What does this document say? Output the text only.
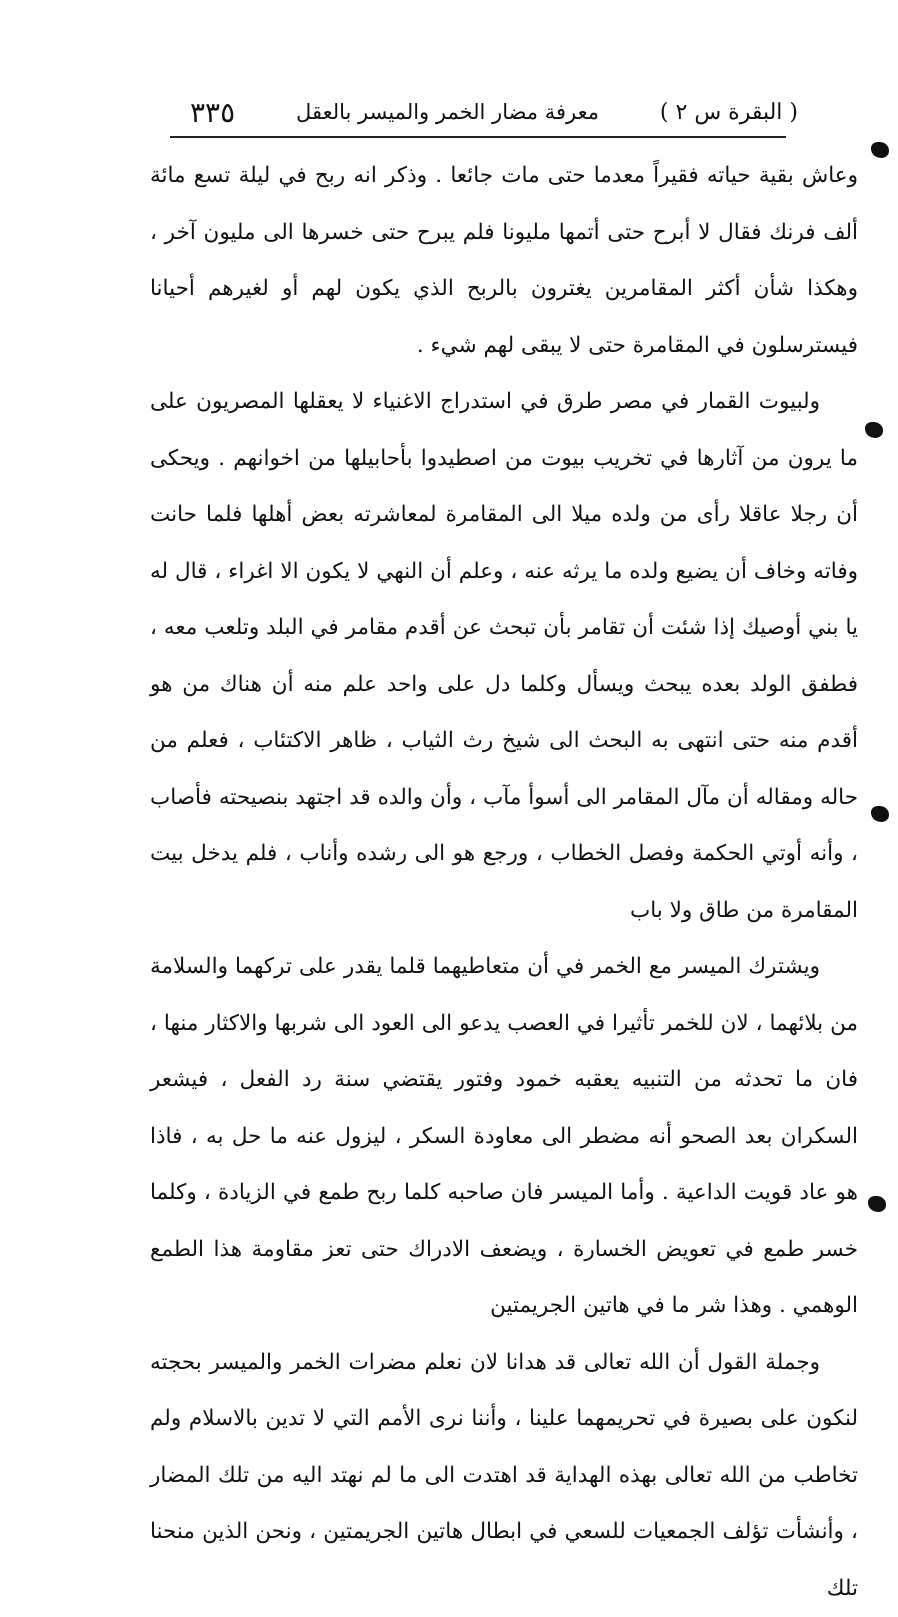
( البقرة س ٢ )
معرفة مضار الخمر والميسر بالعقل
٣٣٥

وعاش بقية حياته فقيراً معدما حتى مات جائعا . وذكر انه ربح في ليلة تسع مائة ألف فرنك فقال لا أبرح حتى أتمها مليونا فلم يبرح حتى خسرها الى مليون آخر ، وهكذا شأن أكثر المقامرين يغترون بالربح الذي يكون لهم أو لغيرهم أحيانا فيسترسلون في المقامرة حتى لا يبقى لهم شيء .

ولبيوت القمار في مصر طرق في استدراج الاغنياء لا يعقلها المصريون على ما يرون من آثارها في تخريب بيوت من اصطيدوا بأحابيلها من اخوانهم . ويحكى أن رجلا عاقلا رأى من ولده ميلا الى المقامرة لمعاشرته بعض أهلها فلما حانت وفاته وخاف أن يضيع ولده ما يرثه عنه ، وعلم أن النهي لا يكون الا اغراء ، قال له يا بني أوصيك إذا شئت أن تقامر بأن تبحث عن أقدم مقامر في البلد وتلعب معه ، فطفق الولد بعده يبحث ويسأل وكلما دل على واحد علم منه أن هناك من هو أقدم منه حتى انتهى به البحث الى شيخ رث الثياب ، ظاهر الاكتئاب ، فعلم من حاله ومقاله أن مآل المقامر الى أسوأ مآب ، وأن والده قد اجتهد بنصيحته فأصاب ، وأنه أوتي الحكمة وفصل الخطاب ، ورجع هو الى رشده وأناب ، فلم يدخل بيت المقامرة من طاق ولا باب

ويشترك الميسر مع الخمر في أن متعاطيهما قلما يقدر على تركهما والسلامة من بلائهما ، لان للخمر تأثيرا في العصب يدعو الى العود الى شربها والاكثار منها ، فان ما تحدثه من التنبيه يعقبه خمود وفتور يقتضي سنة رد الفعل ، فيشعر السكران بعد الصحو أنه مضطر الى معاودة السكر ، ليزول عنه ما حل به ، فاذا هو عاد قويت الداعية . وأما الميسر فان صاحبه كلما ربح طمع في الزيادة ، وكلما خسر طمع في تعويض الخسارة ، ويضعف الادراك حتى تعز مقاومة هذا الطمع الوهمي . وهذا شر ما في هاتين الجريمتين

وجملة القول أن الله تعالى قد هدانا لان نعلم مضرات الخمر والميسر بحجته لنكون على بصيرة في تحريمهما علينا ، وأننا نرى الأمم التي لا تدين بالاسلام ولم تخاطب من الله تعالى بهذه الهداية قد اهتدت الى ما لم نهتد اليه من تلك المضار ، وأنشأت تؤلف الجمعيات للسعي في ابطال هاتين الجريمتين ، ونحن الذين منحنا تلك
